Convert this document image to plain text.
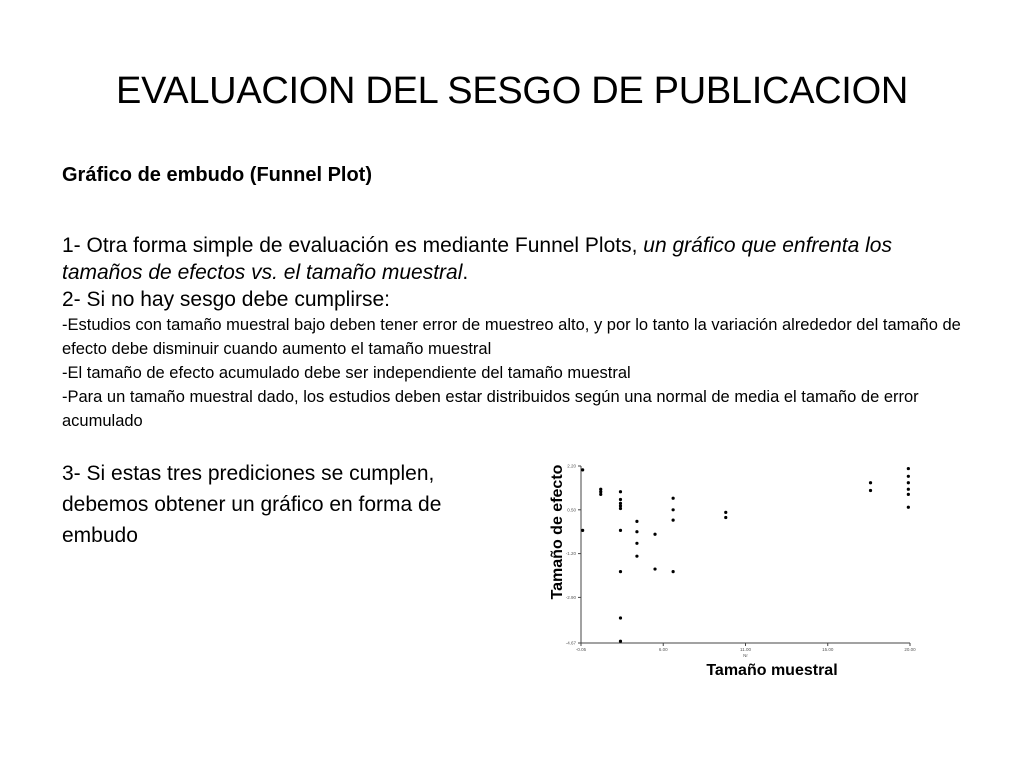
EVALUACION DEL SESGO DE PUBLICACION

Gráfico de embudo (Funnel Plot)

1- Otra forma simple de evaluación es mediante Funnel Plots, un gráfico que enfrenta los tamaños de efectos vs. el tamaño muestral.
2- Si no hay sesgo debe cumplirse:
-Estudios con tamaño muestral bajo deben tener error de muestreo alto, y por lo tanto la variación alrededor del tamaño de efecto debe disminuir cuando aumento el tamaño muestral
-El tamaño de efecto acumulado debe ser independiente del tamaño muestral
-Para un tamaño muestral dado, los estudios deben estar distribuidos según una normal de media el tamaño de error acumulado
3- Si estas tres prediciones se cumplen, debemos obtener un gráfico en forma de embudo
2.20
0.50
-1.20
-2.90
-4.67
-0.05	6.00	11.00	15.00	20.00
Nr
Tamaño muestral
Tamaño de efecto
